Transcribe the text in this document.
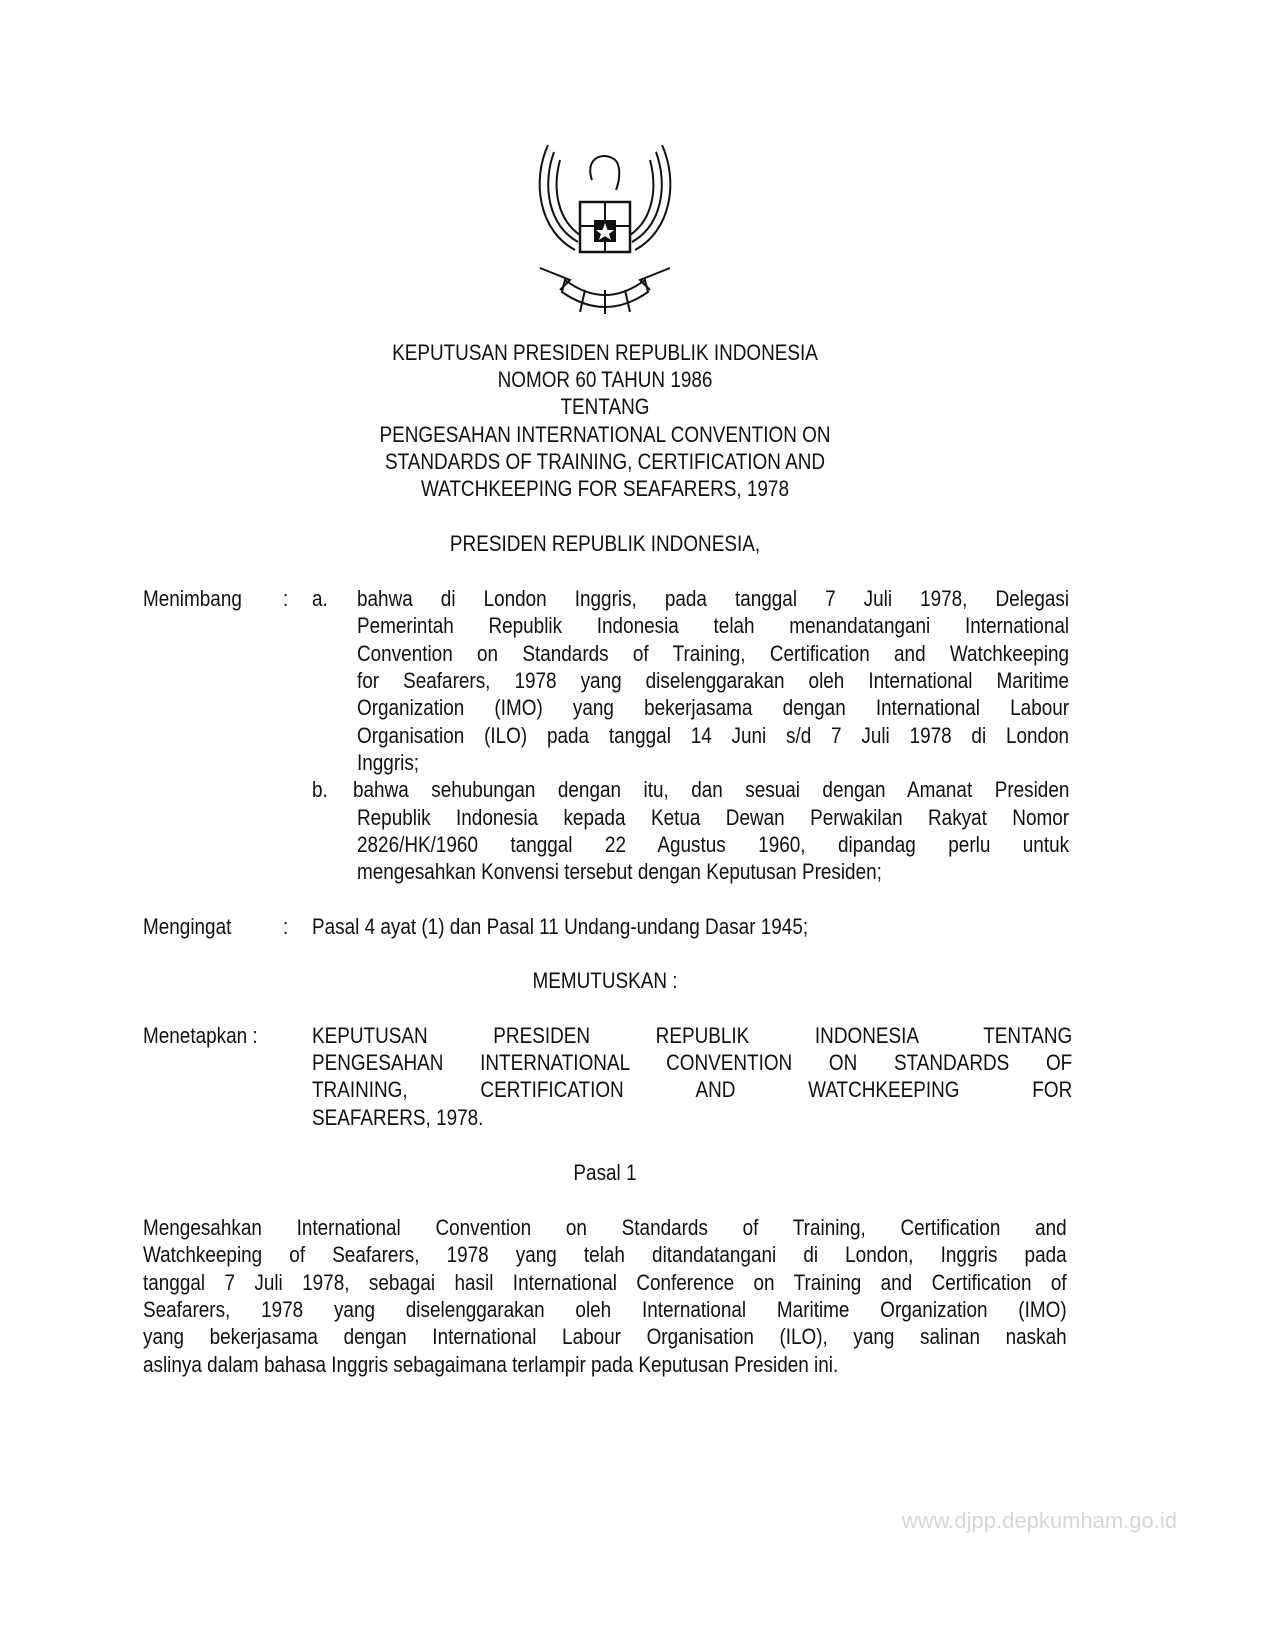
KEPUTUSAN PRESIDEN REPUBLIK INDONESIA
NOMOR 60 TAHUN 1986
TENTANG
PENGESAHAN INTERNATIONAL CONVENTION ON
STANDARDS OF TRAINING, CERTIFICATION AND
WATCHKEEPING FOR SEAFARERS, 1978
PRESIDEN REPUBLIK INDONESIA,
Menimbang : a. bahwa di London Inggris, pada tanggal 7 Juli 1978, Delegasi
Pemerintah Republik Indonesia telah menandatangani International
Convention on Standards of Training, Certification and Watchkeeping
for Seafarers, 1978 yang diselenggarakan oleh International Maritime
Organization (IMO) yang bekerjasama dengan International Labour
Organisation (ILO) pada tanggal 14 Juni s/d 7 Juli 1978 di London
Inggris;
b. bahwa sehubungan dengan itu, dan sesuai dengan Amanat Presiden
Republik Indonesia kepada Ketua Dewan Perwakilan Rakyat Nomor
2826/HK/1960 tanggal 22 Agustus 1960, dipandag perlu untuk
mengesahkan Konvensi tersebut dengan Keputusan Presiden;
Mengingat : Pasal 4 ayat (1) dan Pasal 11 Undang-undang Dasar 1945;
MEMUTUSKAN :
Menetapkan : KEPUTUSAN PRESIDEN REPUBLIK INDONESIA TENTANG
PENGESAHAN INTERNATIONAL CONVENTION ON STANDARDS OF
TRAINING, CERTIFICATION AND WATCHKEEPING FOR
SEAFARERS, 1978.
Pasal 1
Mengesahkan International Convention on Standards of Training, Certification and
Watchkeeping of Seafarers, 1978 yang telah ditandatangani di London, Inggris pada
tanggal 7 Juli 1978, sebagai hasil International Conference on Training and Certification of
Seafarers, 1978 yang diselenggarakan oleh International Maritime Organization (IMO)
yang bekerjasama dengan International Labour Organisation (ILO), yang salinan naskah
aslinya dalam bahasa Inggris sebagaimana terlampir pada Keputusan Presiden ini.
www.djpp.depkumham.go.id
